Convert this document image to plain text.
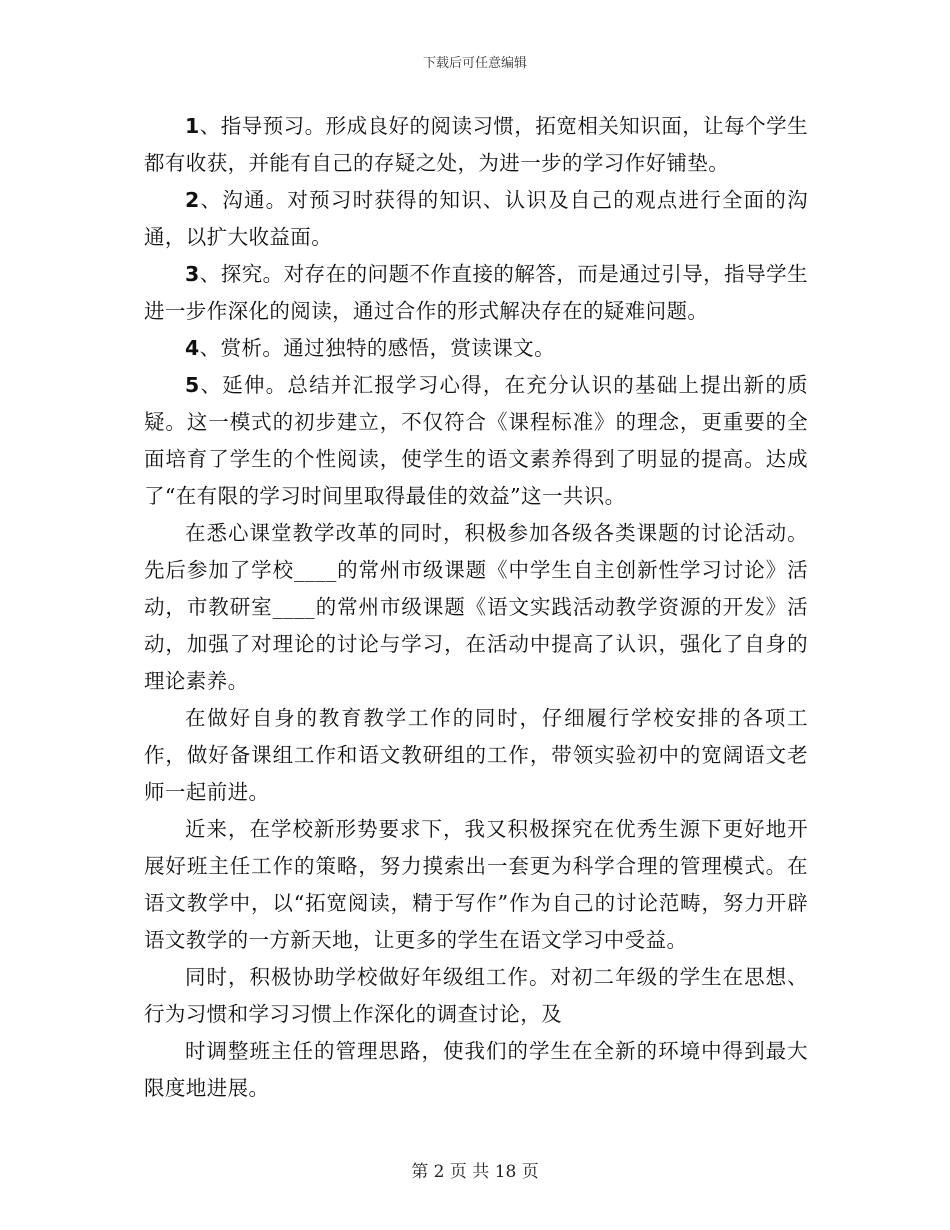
下载后可任意编辑

1、指导预习。形成良好的阅读习惯，拓宽相关知识面，让每个学生都有收获，并能有自己的存疑之处，为进一步的学习作好铺垫。

2、沟通。对预习时获得的知识、认识及自己的观点进行全面的沟通，以扩大收益面。

3、探究。对存在的问题不作直接的解答，而是通过引导，指导学生进一步作深化的阅读，通过合作的形式解决存在的疑难问题。

4、赏析。通过独特的感悟，赏读课文。

5、延伸。总结并汇报学习心得，在充分认识的基础上提出新的质疑。这一模式的初步建立，不仅符合《课程标准》的理念，更重要的全面培育了学生的个性阅读，使学生的语文素养得到了明显的提高。达成了“在有限的学习时间里取得最佳的效益”这一共识。

在悉心课堂教学改革的同时，积极参加各级各类课题的讨论活动。先后参加了学校____的常州市级课题《中学生自主创新性学习讨论》活动，市教研室____的常州市级课题《语文实践活动教学资源的开发》活动，加强了对理论的讨论与学习，在活动中提高了认识，强化了自身的理论素养。

在做好自身的教育教学工作的同时，仔细履行学校安排的各项工作，做好备课组工作和语文教研组的工作，带领实验初中的宽阔语文老师一起前进。

近来，在学校新形势要求下，我又积极探究在优秀生源下更好地开展好班主任工作的策略，努力摸索出一套更为科学合理的管理模式。在语文教学中，以“拓宽阅读，精于写作”作为自己的讨论范畴，努力开辟语文教学的一方新天地，让更多的学生在语文学习中受益。

同时，积极协助学校做好年级组工作。对初二年级的学生在思想、行为习惯和学习习惯上作深化的调查讨论，及

时调整班主任的管理思路，使我们的学生在全新的环境中得到最大限度地进展。

第 2 页 共 18 页
